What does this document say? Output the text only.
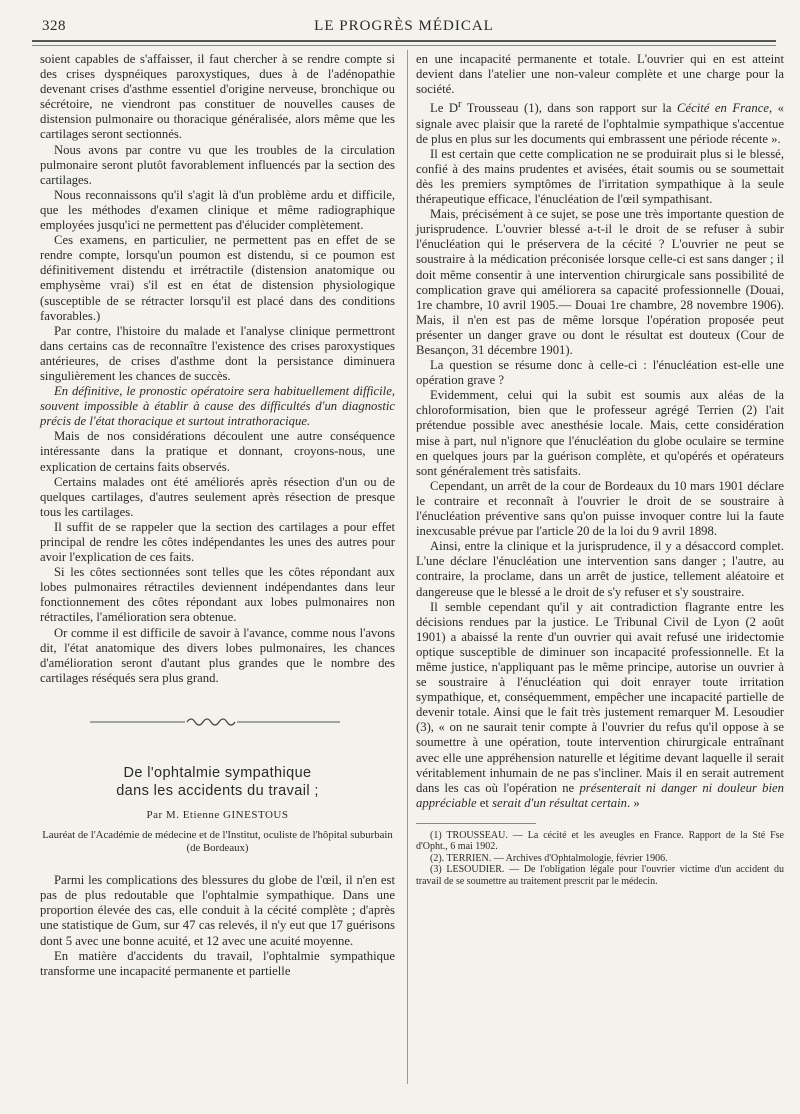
328	LE PROGRÈS MÉDICAL

soient capables de s'affaisser, il faut chercher à se rendre compte si des crises dyspnéiques paroxystiques, dues à de l'adénopathie devenant crises d'asthme essentiel d'origine nerveuse, bronchique ou sécrétoire, ne viendront pas constituer de nouvelles causes de distension pulmonaire ou thoracique généralisée, alors même que les cartilages seront sectionnés.

Nous avons par contre vu que les troubles de la circulation pulmonaire seront plutôt favorablement influencés par la section des cartilages.

Nous reconnaissons qu'il s'agit là d'un problème ardu et difficile, que les méthodes d'examen clinique et même radiographique employées jusqu'ici ne permettent pas d'élucider complètement.

Ces examens, en particulier, ne permettent pas en effet de se rendre compte, lorsqu'un poumon est distendu, si ce poumon est définitivement distendu et irrétractile (distension anatomique ou emphysème vrai) s'il est en état de distension physiologique (susceptible de se rétracter lorsqu'il est placé dans des conditions favorables.)

Par contre, l'histoire du malade et l'analyse clinique permettront dans certains cas de reconnaître l'existence des crises paroxystiques antérieures, de crises d'asthme dont la persistance diminuera singulièrement les chances de succès.

En définitive, le pronostic opératoire sera habituellement difficile, souvent impossible à établir à cause des difficultés d'un diagnostic précis de l'état thoracique et surtout intrathoracique.

Mais de nos considérations découlent une autre conséquence intéressante dans la pratique et donnant, croyons-nous, une explication de certains faits observés.

Certains malades ont été améliorés après résection d'un ou de quelques cartilages, d'autres seulement après résection de presque tous les cartilages.

Il suffit de se rappeler que la section des cartilages a pour effet principal de rendre les côtes indépendantes les unes des autres pour avoir l'explication de ces faits.

Si les côtes sectionnées sont telles que les côtes répondant aux lobes pulmonaires rétractiles deviennent indépendantes dans leur fonctionnement des côtes répondant aux lobes pulmonaires non rétractiles, l'amélioration sera obtenue.

Or comme il est difficile de savoir à l'avance, comme nous l'avons dit, l'état anatomique des divers lobes pulmonaires, les chances d'amélioration seront d'autant plus grandes que le nombre des cartilages réséqués sera plus grand.

De l'ophtalmie sympathique
dans les accidents du travail ;
Par M. Etienne GINESTOUS
Lauréat de l'Académie de médecine et de l'Institut, oculiste de l'hôpital suburbain (de Bordeaux)

Parmi les complications des blessures du globe de l'œil, il n'en est pas de plus redoutable que l'ophtalmie sympathique. Dans une proportion élevée des cas, elle conduit à la cécité complète ; d'après une statistique de Gum, sur 47 cas relevés, il n'y eut que 17 guérisons dont 5 avec une bonne acuité, et 12 avec une acuité moyenne.

En matière d'accidents du travail, l'ophtalmie sympathique transforme une incapacité permanente et partielle

en une incapacité permanente et totale. L'ouvrier qui en est atteint devient dans l'atelier une non-valeur complète et une charge pour la société.

Le $D^r$ Trousseau (1), dans son rapport sur la Cécité en France, « signale avec plaisir que la rareté de l'ophtalmie sympathique s'accentue de plus en plus sur les documents qui embrassent une période récente ».

Il est certain que cette complication ne se produirait plus si le blessé, confié à des mains prudentes et avisées, était soumis ou se soumettait dès les premiers symptômes de l'irritation sympathique à la seule thérapeutique efficace, l'énucléation de l'œil sympathisant.

Mais, précisément à ce sujet, se pose une très importante question de jurisprudence. L'ouvrier blessé a-t-il le droit de se refuser à subir l'énucléation qui le préservera de la cécité ? L'ouvrier ne peut se soustraire à la médication préconisée lorsque celle-ci est sans danger ; il doit même consentir à une intervention chirurgicale sans possibilité de complication grave qui améliorera sa capacité professionnelle (Douai, 1re chambre, 10 avril 1905.— Douai 1re chambre, 28 novembre 1906). Mais, il n'en est pas de même lorsque l'opération proposée peut présenter un danger grave ou dont le résultat est douteux (Cour de Besançon, 31 décembre 1901).

La question se résume donc à celle-ci : l'énucléation est-elle une opération grave ?

Evidemment, celui qui la subit est soumis aux aléas de la chloroformisation, bien que le professeur agrégé Terrien (2) l'ait prétendue possible avec anesthésie locale. Mais, cette considération mise à part, nul n'ignore que l'énucléation du globe oculaire se termine en quelques jours par la guérison complète, et qu'opérés et opérateurs sont généralement très satisfaits.

Cependant, un arrêt de la cour de Bordeaux du 10 mars 1901 déclare le contraire et reconnaît à l'ouvrier le droit de se soustraire à l'énucléation préventive sans qu'on puisse invoquer contre lui la faute inexcusable prévue par l'article 20 de la loi du 9 avril 1898.

Ainsi, entre la clinique et la jurisprudence, il y a désaccord complet. L'une déclare l'énucléation une intervention sans danger ; l'autre, au contraire, la proclame, dans un arrêt de justice, tellement aléatoire et dangereuse que le blessé a le droit de s'y refuser et s'y soustraire.

Il semble cependant qu'il y ait contradiction flagrante entre les décisions rendues par la justice. Le Tribunal Civil de Lyon (2 août 1901) a abaissé la rente d'un ouvrier qui avait refusé une iridectomie optique susceptible de diminuer son incapacité professionnelle. Et la même justice, n'appliquant pas le même principe, autorise un ouvrier à se soustraire à l'énucléation qui doit enrayer toute irritation sympathique, et, conséquemment, empêcher une incapacité partielle de devenir totale. Ainsi que le fait très justement remarquer M. Lesoudier (3), « on ne saurait tenir compte à l'ouvrier du refus qu'il oppose à se soumettre à une opération, toute intervention chirurgicale entraînant avec elle une appréhension naturelle et légitime devant laquelle il serait véritablement inhumain de ne pas s'incliner. Mais il en serait autrement dans les cas où l'opération ne présenterait ni danger ni douleur bien appréciable et serait d'un résultat certain. »

(1) TROUSSEAU. — La cécité et les aveugles en France. Rapport de la Sté Fse d'Opht., 6 mai 1902.

(2). TERRIEN. — Archives d'Ophtalmologie, février 1906.

(3) LESOUDIER. — De l'obligation légale pour l'ouvrier victime d'un accident du travail de se soumettre au traitement prescrit par le médecin.
